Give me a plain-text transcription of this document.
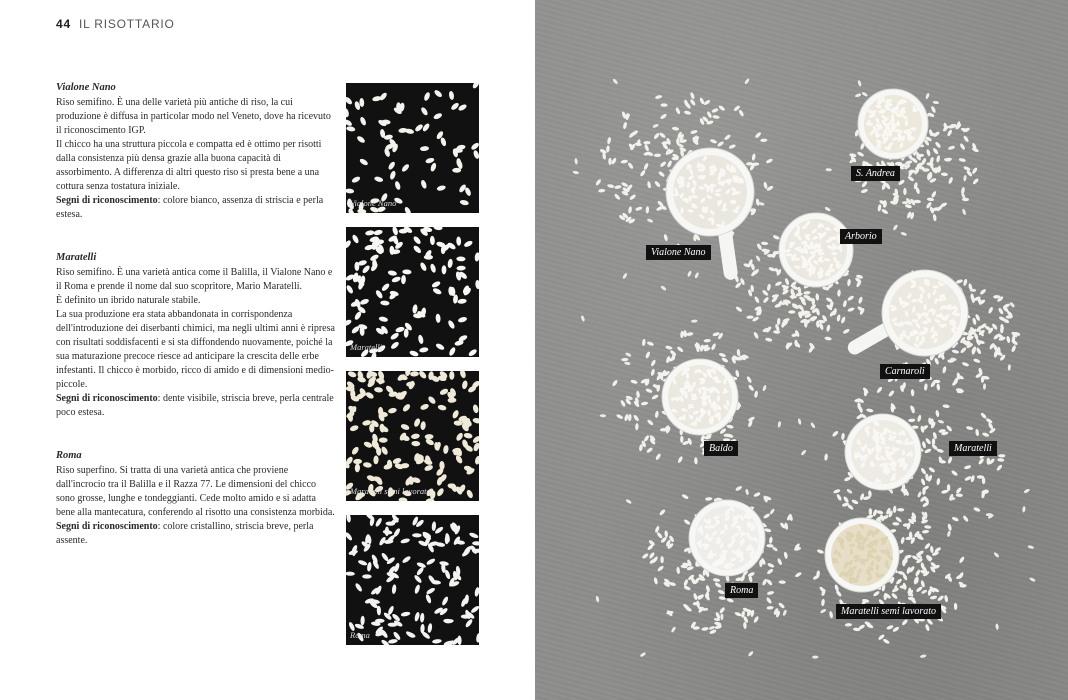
44 IL RISOTTARIO
Vialone Nano

Riso semifino. È una delle varietà più antiche di riso, la cui produzione è diffusa in particolar modo nel Veneto, dove ha ricevuto il riconoscimento IGP.

Il chicco ha una struttura piccola e compatta ed è ottimo per risotti dalla consistenza più densa grazie alla buona capacità di assorbimento. A differenza di altri questo riso si presta bene a una cottura senza tostatura iniziale.

Segni di riconoscimento: colore bianco, assenza di striscia e perla estesa.

Maratelli

Riso semifino. È una varietà antica come il Balilla, il Vialone Nano e il Roma e prende il nome dal suo scopritore, Mario Maratelli.

È definito un ibrido naturale stabile.

La sua produzione era stata abbandonata in corrispondenza dell'introduzione dei diserbanti chimici, ma negli ultimi anni è ripresa con risultati soddisfacenti e si sta diffondendo nuovamente, poiché la sua maturazione precoce riesce ad anticipare la crescita delle erbe infestanti. Il chicco è morbido, ricco di amido e di dimensioni medio-piccole.

Segni di riconoscimento: dente visibile, striscia breve, perla centrale poco estesa.

Roma

Riso superfino. Si tratta di una varietà antica che proviene dall'incrocio tra il Balilla e il Razza 77. Le dimensioni del chicco sono grosse, lunghe e tondeggianti. Cede molto amido e si adatta bene alla mantecatura, conferendo al risotto una consistenza morbida.

Segni di riconoscimento: colore cristallino, striscia breve, perla assente.

Vialone Nano
Maratelli
Maratelli semi lavorato
Roma
S. Andrea
Arborio
Vialone Nano
Carnaroli
Baldo	Maratelli
Roma
Maratelli semi lavorato
